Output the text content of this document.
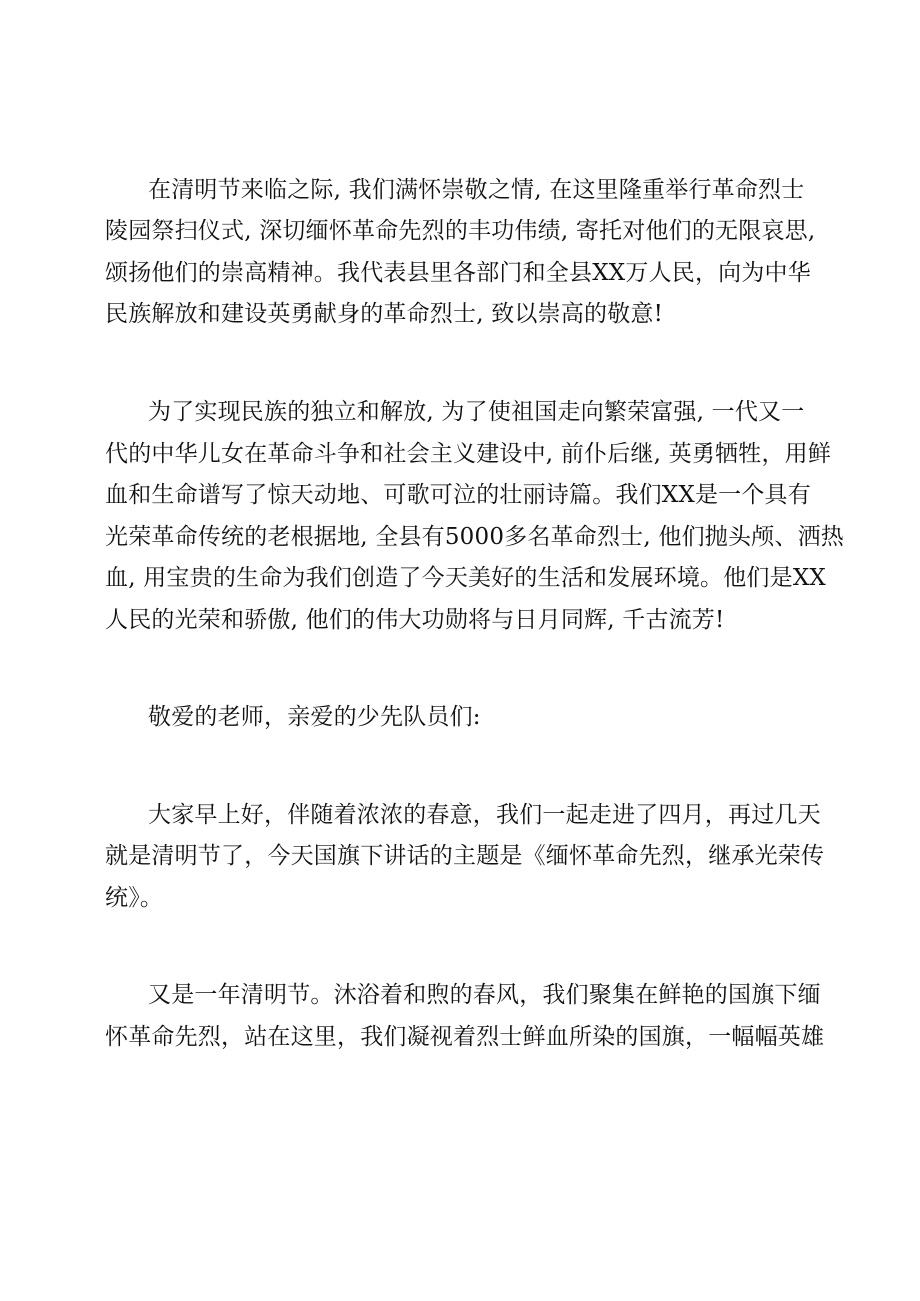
在清明节来临之际, 我们满怀崇敬之情, 在这里隆重举行革命烈士
陵园祭扫仪式, 深切缅怀革命先烈的丰功伟绩, 寄托对他们的无限哀思,
颂扬他们的崇高精神。我代表县里各部门和全县XX万人民，向为中华
民族解放和建设英勇献身的革命烈士, 致以崇高的敬意!
为了实现民族的独立和解放, 为了使祖国走向繁荣富强, 一代又一
代的中华儿女在革命斗争和社会主义建设中, 前仆后继, 英勇牺牲，用鲜
血和生命谱写了惊天动地、可歌可泣的壮丽诗篇。我们XX是一个具有
光荣革命传统的老根据地, 全县有5000多名革命烈士, 他们抛头颅、洒热
血, 用宝贵的生命为我们创造了今天美好的生活和发展环境。他们是XX
人民的光荣和骄傲, 他们的伟大功勋将与日月同辉, 千古流芳!
敬爱的老师，亲爱的少先队员们:
大家早上好，伴随着浓浓的春意，我们一起走进了四月，再过几天
就是清明节了，今天国旗下讲话的主题是《缅怀革命先烈，继承光荣传
统》。
又是一年清明节。沐浴着和煦的春风，我们聚集在鲜艳的国旗下缅
怀革命先烈，站在这里，我们凝视着烈士鲜血所染的国旗，一幅幅英雄
